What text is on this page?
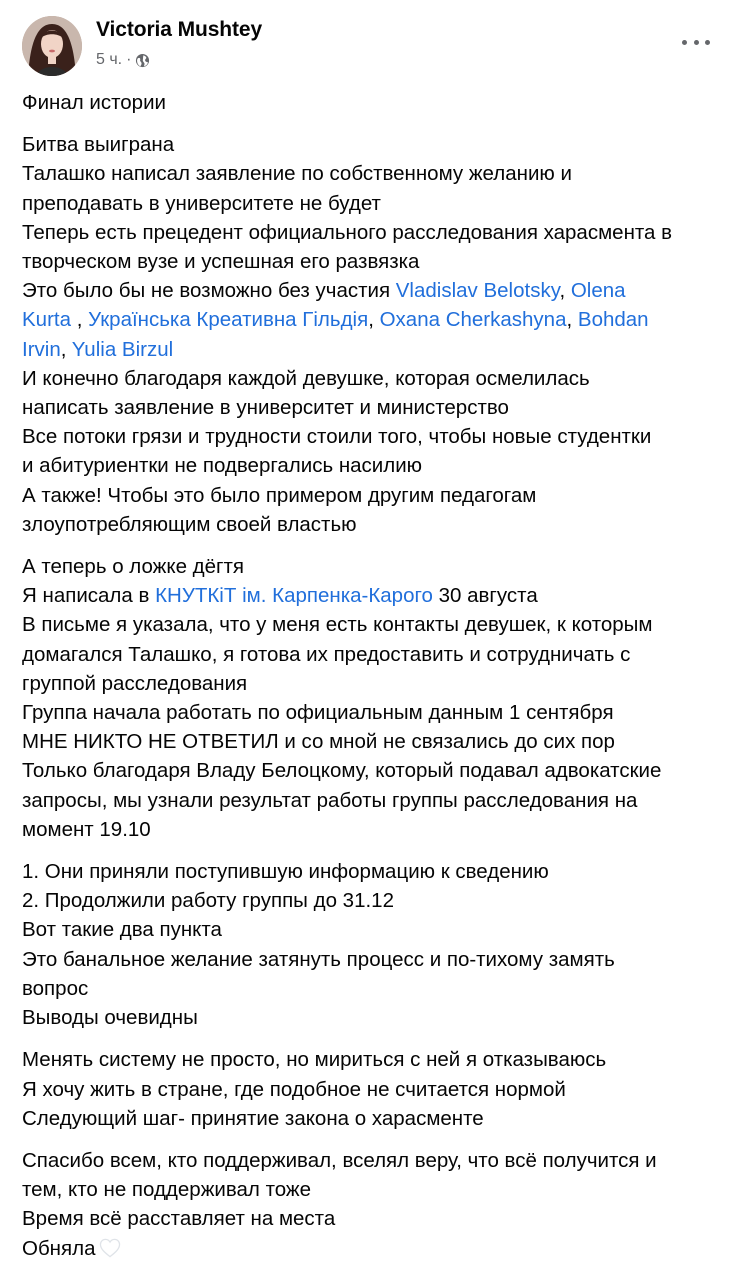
Victoria Mushtey
5 ч. ·

Финал истории

Битва выиграна
Талашко написал заявление по собственному желанию и
преподавать в университете не будет
Теперь есть прецедент официального расследования харасмента в
творческом вузе и успешная его развязка
Это было бы не возможно без участия Vladislav Belotsky, Olena
Kurta , Українська Креативна Гільдія, Oxana Cherkashyna, Bohdan
Irvin, Yulia Birzul
И конечно благодаря каждой девушке, которая осмелилась
написать заявление в университет и министерство
Все потоки грязи и трудности стоили того, чтобы новые студентки
и абитуриентки не подвергались насилию
А также! Чтобы это было примером другим педагогам
злоупотребляющим своей властью

А теперь о ложке дёгтя
Я написала в КНУТКіТ ім. Карпенка-Карого 30 августа
В письме я указала, что у меня есть контакты девушек, к которым
домагался Талашко, я готова их предоставить и сотрудничать с
группой расследования
Группа начала работать по официальным данным 1 сентября
МНЕ НИКТО НЕ ОТВЕТИЛ и со мной не связались до сих пор
Только благодаря Владу Белоцкому, который подавал адвокатские
запросы, мы узнали результат работы группы расследования на
момент 19.10

1. Они приняли поступившую информацию к сведению
2. Продолжили работу группы до 31.12
Вот такие два пункта
Это банальное желание затянуть процесс и по-тихому замять
вопрос
Выводы очевидны

Менять систему не просто, но мириться с ней я отказываюсь
Я хочу жить в стране, где подобное не считается нормой
Следующий шаг- принятие закона о харасменте

Спасибо всем, кто поддерживал, вселял веру, что всё получится и
тем, кто не поддерживал тоже
Время всё расставляет на места
Обняла
